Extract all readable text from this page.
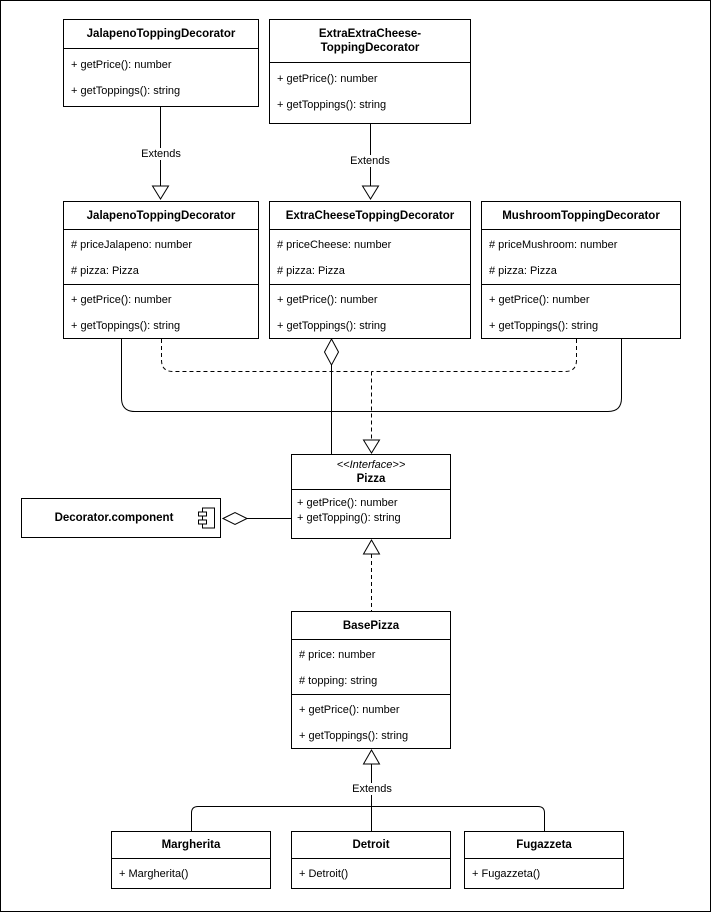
JalapenoToppingDecorator
+ getPrice(): number
+ getToppings(): string
ExtraExtraCheese-
ToppingDecorator
+ getPrice(): number
+ getToppings(): string
Extends
Extends
JalapenoToppingDecorator
# priceJalapeno: number
# pizza: Pizza
+ getPrice(): number
+ getToppings(): string
ExtraCheeseToppingDecorator
# priceCheese: number
# pizza: Pizza
+ getPrice(): number
+ getToppings(): string
MushroomToppingDecorator
# priceMushroom: number
# pizza: Pizza
+ getPrice(): number
+ getToppings(): string
<<Interface>>
Pizza
+ getPrice(): number
+ getTopping(): string
Decorator.component
BasePizza
# price: number
# topping: string
+ getPrice(): number
+ getToppings(): string
Extends
Margherita
+ Margherita()
Detroit
+ Detroit()
Fugazzeta
+ Fugazzeta()
